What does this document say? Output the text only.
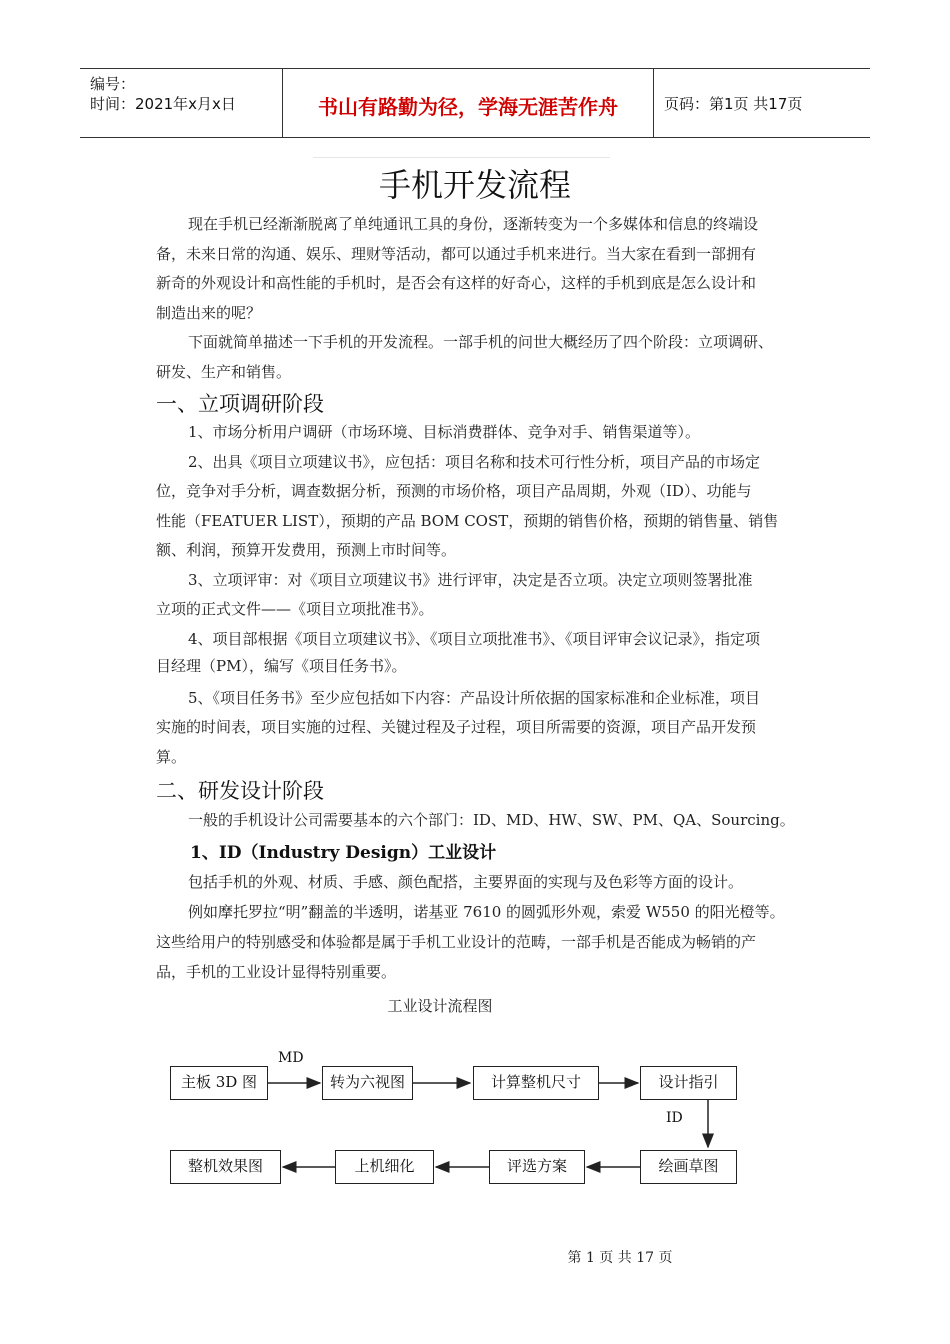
编号：
时间：2021年x月x日	书山有路勤为径，学海无涯苦作舟	页码：第1页 共17页
手机开发流程

现在手机已经渐渐脱离了单纯通讯工具的身份，逐渐转变为一个多媒体和信息的终端设

备，未来日常的沟通、娱乐、理财等活动，都可以通过手机来进行。当大家在看到一部拥有

新奇的外观设计和高性能的手机时，是否会有这样的好奇心，这样的手机到底是怎么设计和

制造出来的呢？

下面就简单描述一下手机的开发流程。一部手机的问世大概经历了四个阶段：立项调研、

研发、生产和销售。

一、立项调研阶段

1、市场分析用户调研（市场环境、目标消费群体、竞争对手、销售渠道等）。

2、出具《项目立项建议书》，应包括：项目名称和技术可行性分析，项目产品的市场定

位，竞争对手分析，调查数据分析，预测的市场价格，项目产品周期，外观（ID）、功能与

性能（FEATUER LIST），预期的产品 BOM COST，预期的销售价格，预期的销售量、销售

额、利润，预算开发费用，预测上市时间等。

3、立项评审：对《项目立项建议书》进行评审，决定是否立项。决定立项则签署批准

立项的正式文件——《项目立项批准书》。

4、项目部根据《项目立项建议书》、《项目立项批准书》、《项目评审会议记录》，指定项

目经理（PM），编写《项目任务书》。

5、《项目任务书》至少应包括如下内容：产品设计所依据的国家标准和企业标准，项目

实施的时间表，项目实施的过程、关键过程及子过程，项目所需要的资源，项目产品开发预

算。

二、研发设计阶段

一般的手机设计公司需要基本的六个部门：ID、MD、HW、SW、PM、QA、Sourcing。

1、ID（Industry Design）工业设计

包括手机的外观、材质、手感、颜色配搭，主要界面的实现与及色彩等方面的设计。

例如摩托罗拉“明”翻盖的半透明，诺基亚 7610 的圆弧形外观，索爱 W550 的阳光橙等。

这些给用户的特别感受和体验都是属于手机工业设计的范畴，一部手机是否能成为畅销的产

品，手机的工业设计显得特别重要。

工业设计流程图
MD
ID
主板 3D 图	转为六视图	计算整机尺寸	设计指引
整机效果图	上机细化	评选方案	绘画草图
第 1 页 共 17 页
